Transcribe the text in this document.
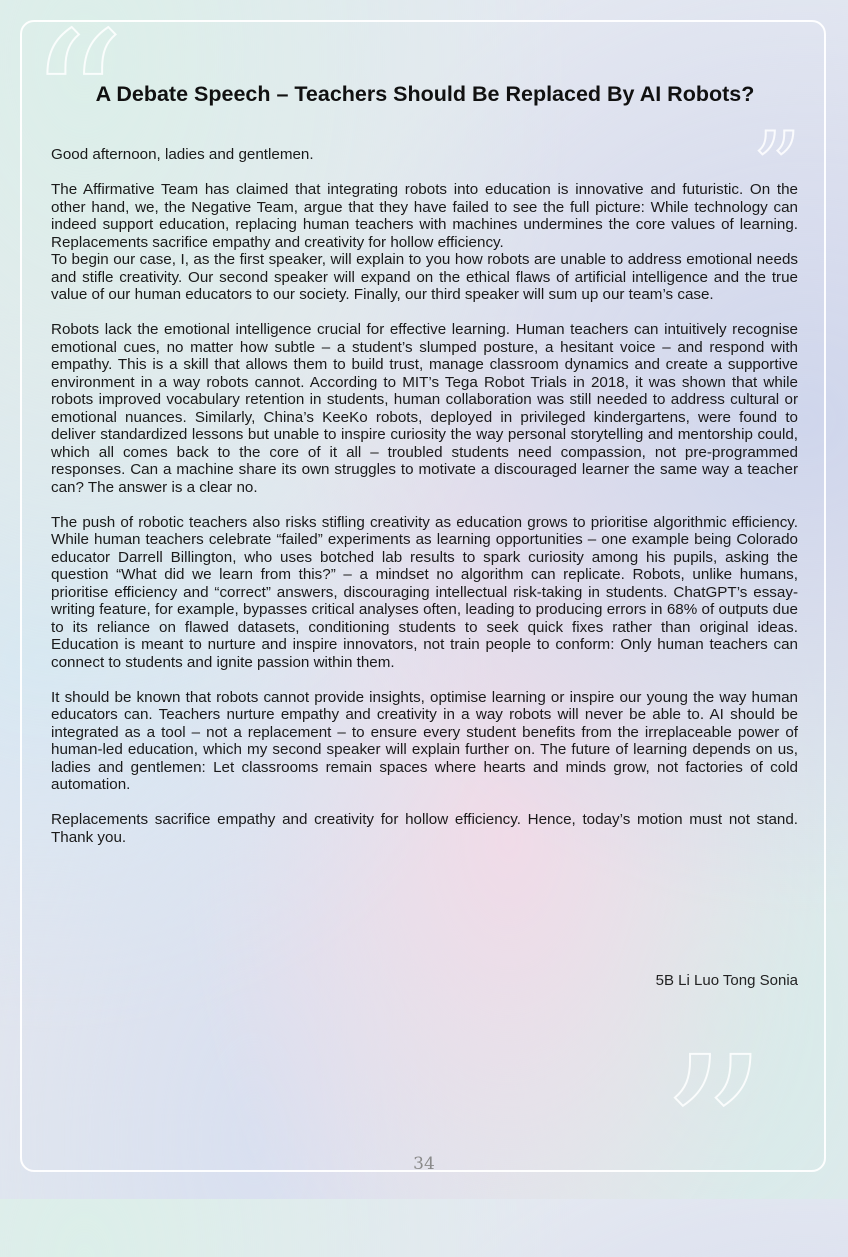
“	”
”
A Debate Speech – Teachers Should Be Replaced By AI Robots?

Good afternoon, ladies and gentlemen.

The Affirmative Team has claimed that integrating robots into education is innovative and futuristic. On the other hand, we, the Negative Team, argue that they have failed to see the full picture: While technology can indeed support education, replacing human teachers with machines undermines the core values of learning. Replacements sacrifice empathy and creativity for hollow efficiency.

To begin our case, I, as the first speaker, will explain to you how robots are unable to address emotional needs and stifle creativity. Our second speaker will expand on the ethical flaws of artificial intelligence and the true value of our human educators to our society. Finally, our third speaker will sum up our team’s case.

Robots lack the emotional intelligence crucial for effective learning. Human teachers can intuitively recognise emotional cues, no matter how subtle – a student’s slumped posture, a hesitant voice – and respond with empathy. This is a skill that allows them to build trust, manage classroom dynamics and create a supportive environment in a way robots cannot. According to MIT’s Tega Robot Trials in 2018, it was shown that while robots improved vocabulary retention in students, human collaboration was still needed to address cultural or emotional nuances. Similarly, China’s KeeKo robots, deployed in privileged kindergartens, were found to deliver standardized lessons but unable to inspire curiosity the way personal storytelling and mentorship could, which all comes back to the core of it all – troubled students need compassion, not pre-programmed responses. Can a machine share its own struggles to motivate a discouraged learner the same way a teacher can? The answer is a clear no.

The push of robotic teachers also risks stifling creativity as education grows to prioritise algorithmic efficiency. While human teachers celebrate “failed” experiments as learning opportunities – one example being Colorado educator Darrell Billington, who uses botched lab results to spark curiosity among his pupils, asking the question “What did we learn from this?” – a mindset no algorithm can replicate. Robots, unlike humans, prioritise efficiency and “correct” answers, discouraging intellectual risk-taking in students. ChatGPT’s essay-writing feature, for example, bypasses critical analyses often, leading to producing errors in 68% of outputs due to its reliance on flawed datasets, conditioning students to seek quick fixes rather than original ideas. Education is meant to nurture and inspire innovators, not train people to conform: Only human teachers can connect to students and ignite passion within them.

It should be known that robots cannot provide insights, optimise learning or inspire our young the way human educators can. Teachers nurture empathy and creativity in a way robots will never be able to. AI should be integrated as a tool – not a replacement – to ensure every student benefits from the irreplaceable power of human-led education, which my second speaker will explain further on. The future of learning depends on us, ladies and gentlemen: Let classrooms remain spaces where hearts and minds grow, not factories of cold automation.

Replacements sacrifice empathy and creativity for hollow efficiency. Hence, today’s motion must not stand. Thank you.

5B Li Luo Tong Sonia
34
